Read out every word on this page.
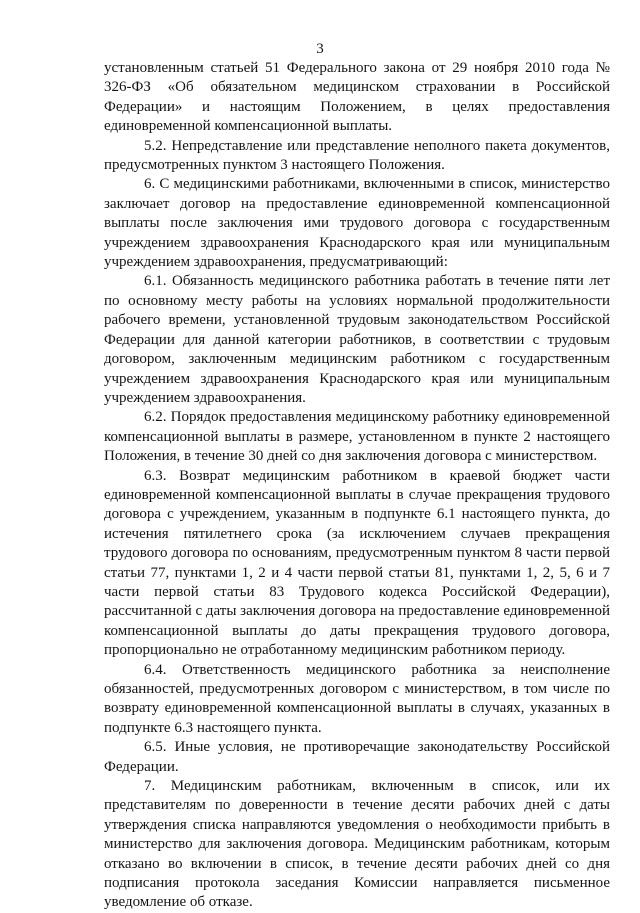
3

установленным статьей 51 Федерального закона от 29 ноября 2010 года № 326-ФЗ «Об обязательном медицинском страховании в Российской Федерации» и настоящим Положением, в целях предоставления единовременной компенсационной выплаты.

5.2. Непредставление или представление неполного пакета документов, предусмотренных пунктом 3 настоящего Положения.

6. С медицинскими работниками, включенными в список, министерство заключает договор на предоставление единовременной компенсационной выплаты после заключения ими трудового договора с государственным учреждением здравоохранения Краснодарского края или муниципальным учреждением здравоохранения, предусматривающий:

6.1. Обязанность медицинского работника работать в течение пяти лет по основному месту работы на условиях нормальной продолжительности рабочего времени, установленной трудовым законодательством Российской Федерации для данной категории работников, в соответствии с трудовым договором, заключенным медицинским работником с государственным учреждением здравоохранения Краснодарского края или муниципальным учреждением здравоохранения.

6.2. Порядок предоставления медицинскому работнику единовременной компенсационной выплаты в размере, установленном в пункте 2 настоящего Положения, в течение 30 дней со дня заключения договора с министерством.

6.3. Возврат медицинским работником в краевой бюджет части единовременной компенсационной выплаты в случае прекращения трудового договора с учреждением, указанным в подпункте 6.1 настоящего пункта, до истечения пятилетнего срока (за исключением случаев прекращения трудового договора по основаниям, предусмотренным пунктом 8 части первой статьи 77, пунктами 1, 2 и 4 части первой статьи 81, пунктами 1, 2, 5, 6 и 7 части первой статьи 83 Трудового кодекса Российской Федерации), рассчитанной с даты заключения договора на предоставление единовременной компенсационной выплаты до даты прекращения трудового договора, пропорционально не отработанному медицинским работником периоду.

6.4. Ответственность медицинского работника за неисполнение обязанностей, предусмотренных договором с министерством, в том числе по возврату единовременной компенсационной выплаты в случаях, указанных в подпункте 6.3 настоящего пункта.

6.5. Иные условия, не противоречащие законодательству Российской Федерации.

7. Медицинским работникам, включенным в список, или их представителям по доверенности в течение десяти рабочих дней с даты утверждения списка направляются уведомления о необходимости прибыть в министерство для заключения договора. Медицинским работникам, которым отказано во включении в список, в течение десяти рабочих дней со дня подписания протокола заседания Комиссии направляется письменное уведомление об отказе.
